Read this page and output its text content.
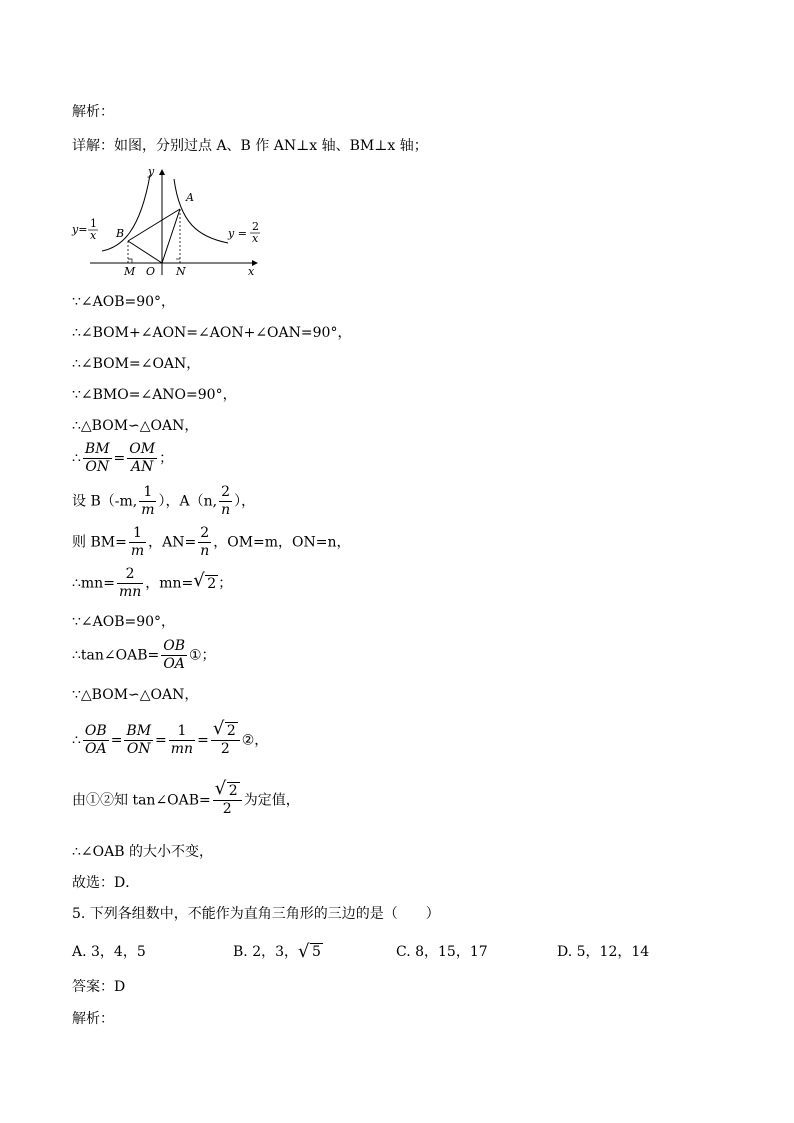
解析：
详解：如图，分别过点 A、B 作 AN⊥x 轴、BM⊥x 轴；
y
x
O
A
B
M	N
y= 1
x	y =
2
x
∵∠AOB=90°，
∴∠BOM+∠AON=∠AON+∠OAN=90°，
∴∠BOM=∠OAN，
∵∠BMO=∠ANO=90°，
∴△BOM∽△OAN，
∴ $\frac{BM}{ON} = \frac{OM}{AN}$ ；
设 B（-m, $\frac{1}{m}$ ），A（n, $\frac{2}{n}$ ），
则 $BM= \frac{1}{m}$ ，$AN= \frac{2}{n}$ ，OM=m，ON=n，
∴mn= $\frac{2}{mn}$ ，mn= √ 2 ；
∵∠AOB=90°，
∴tan∠OAB= $\frac{OB}{OA}$ ①；
∵△BOM∽△OAN，
∴ $\frac{OB}{OA} = \frac{BM}{ON} = \frac{1}{mn} = \frac{√ 2}{2}$ ②，
由①②知 tan∠OAB= $\frac{√ 2}{2}$ 为定值，
∴∠OAB 的大小不变，
故选：D．
5. 下列各组数中，不能作为直角三角形的三边的是（　　）
A. 3，4，5	B. 2，3， √ 5	C. 8，15，17	D. 5，12，14
答案：D
解析：
